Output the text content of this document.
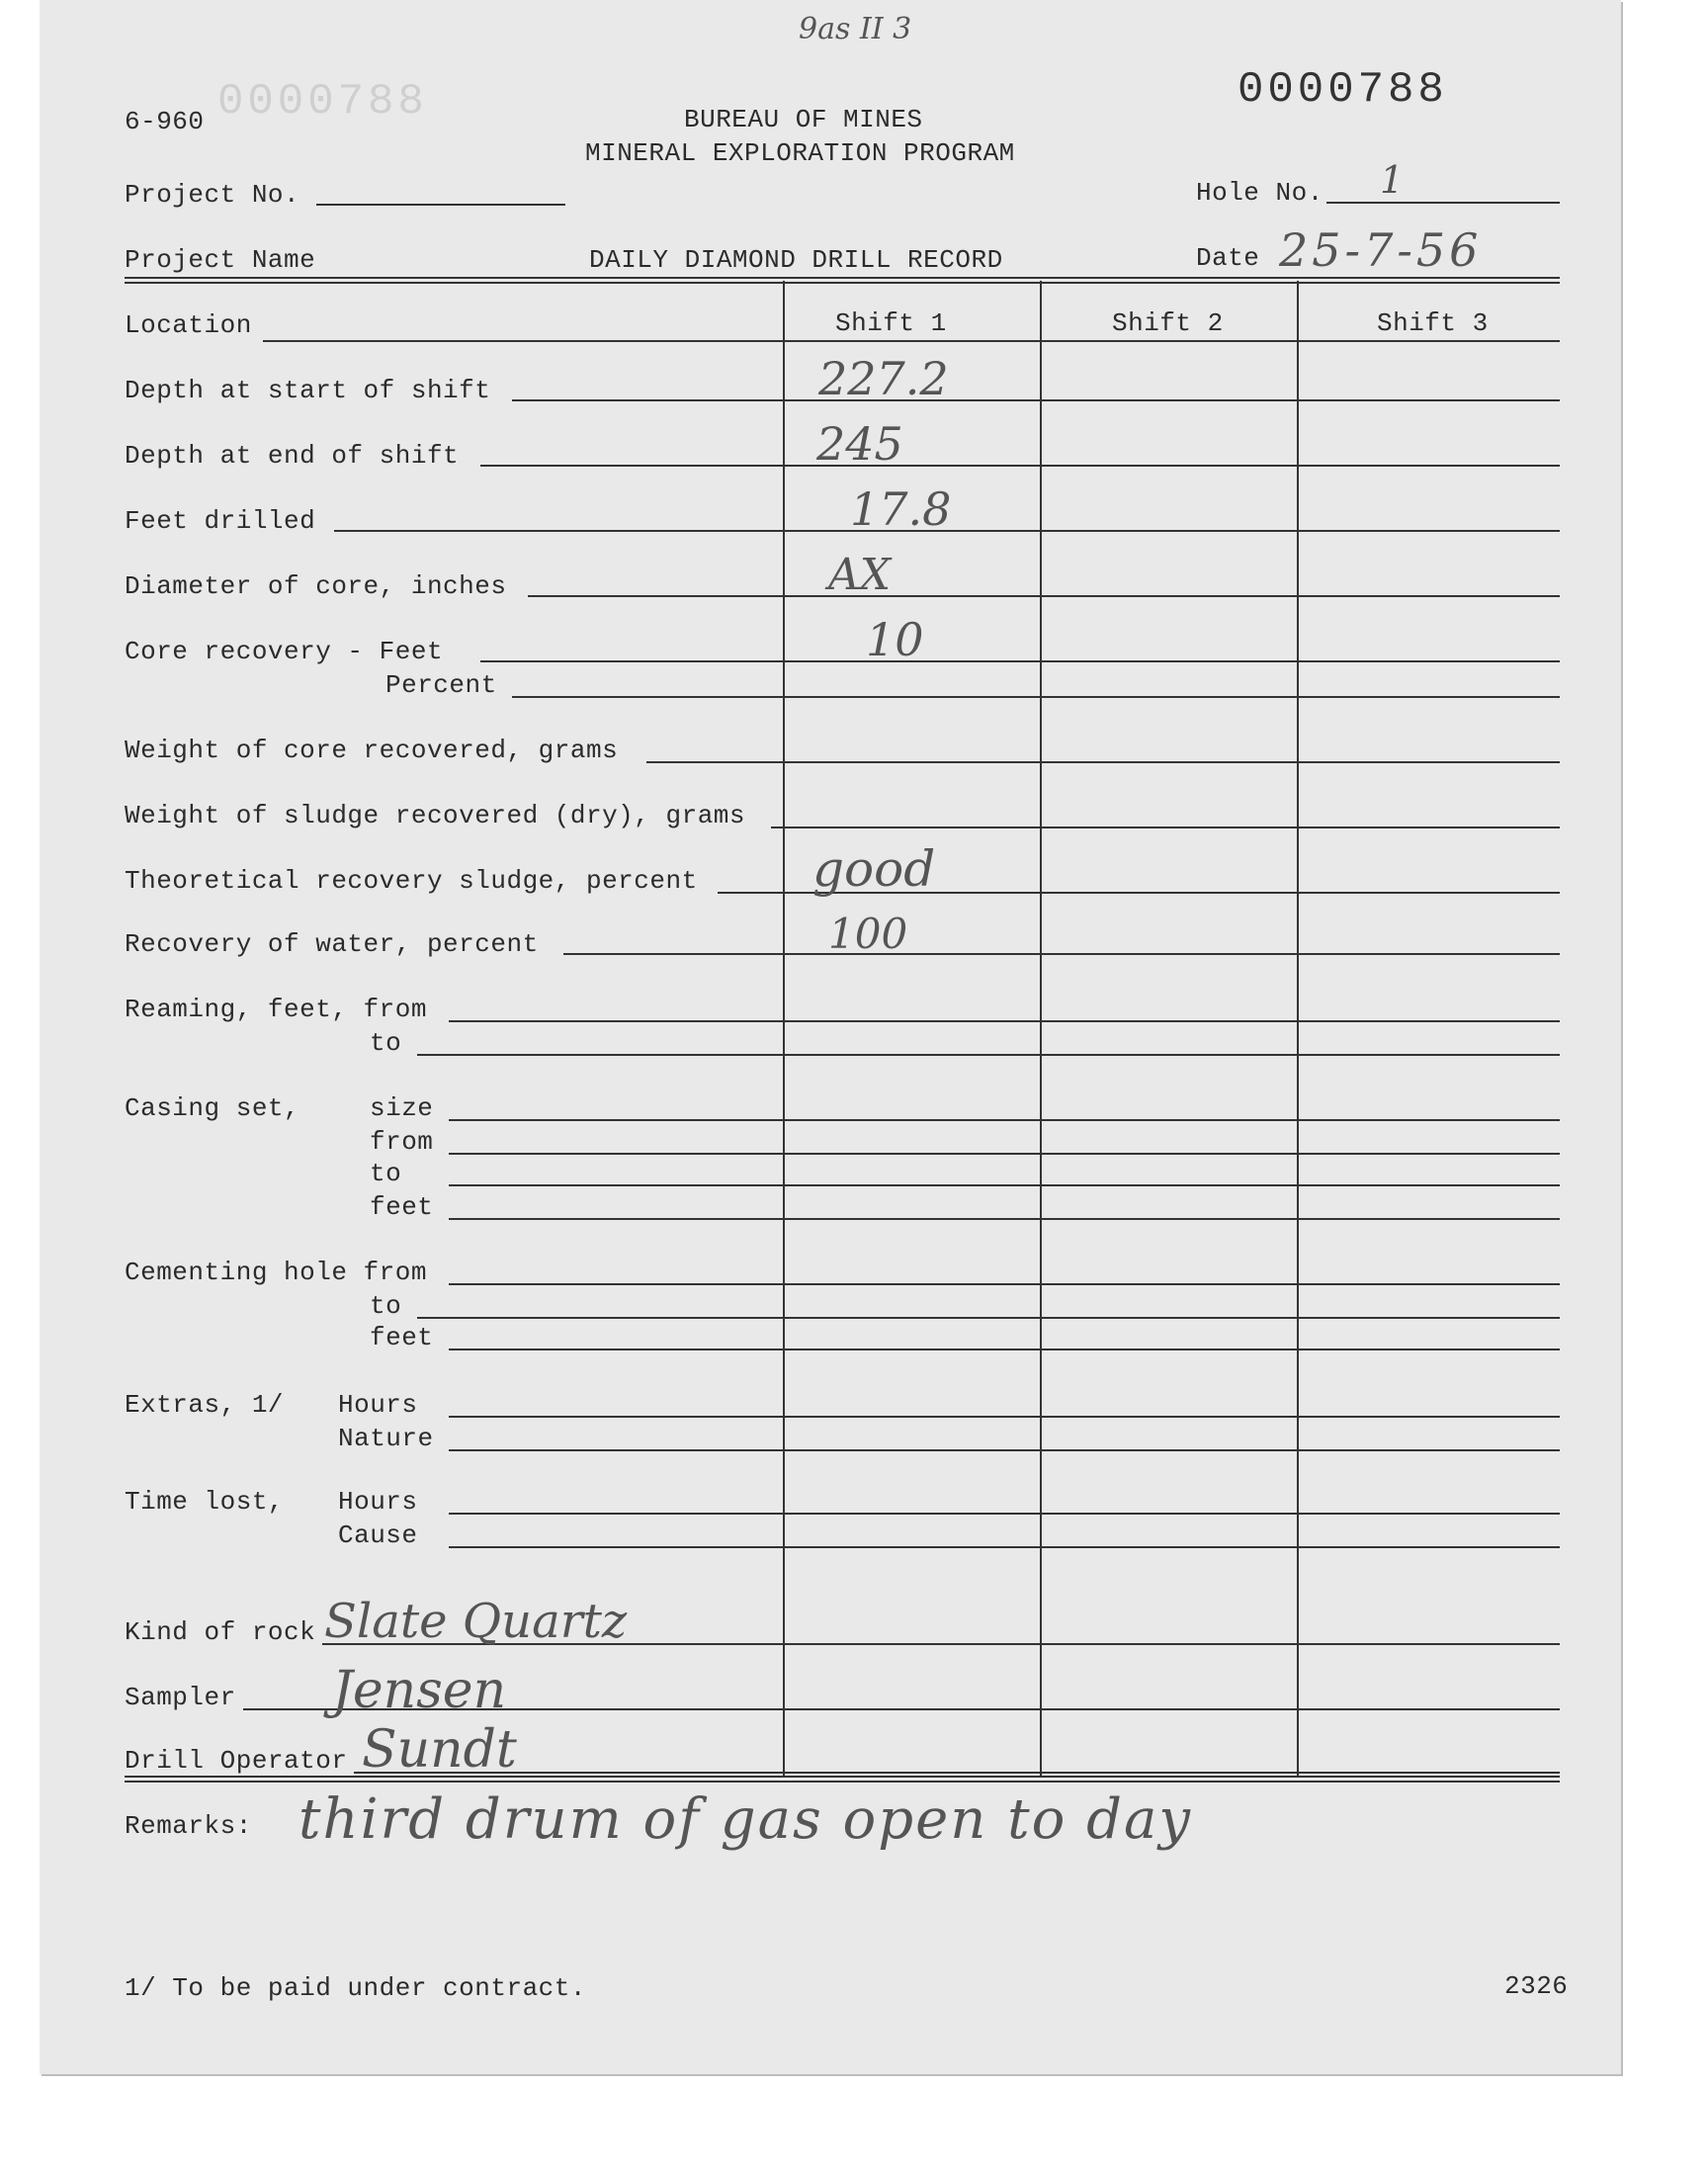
9as II 3
0000788	0000788
6-960	BUREAU OF MINES
MINERAL EXPLORATION PROGRAM
Project No.	Hole No. 1
Project Name	DAILY DIAMOND DRILL RECORD	Date 25-7-56
Shift 1	Shift 2	Shift 3
Location
Depth at start of shift	227.2
Depth at end of shift	245
Feet drilled	17.8
Diameter of core, inches	AX
Core recovery - Feet	10
Percent
Weight of core recovered, grams
Weight of sludge recovered (dry), grams
Theoretical recovery sludge, percent good
Recovery of water, percent	100
Reaming, feet, from
to
Casing set,	size
from
to
feet
Cementing hole from
to
feet
Extras, 1/ Hours
Nature
Time lost, Hours
Cause
Kind of rock Slate Quartz
Sampler Jensen
Drill Operator Sundt
Remarks: third drum of gas open to day
1/ To be paid under contract.	2326
